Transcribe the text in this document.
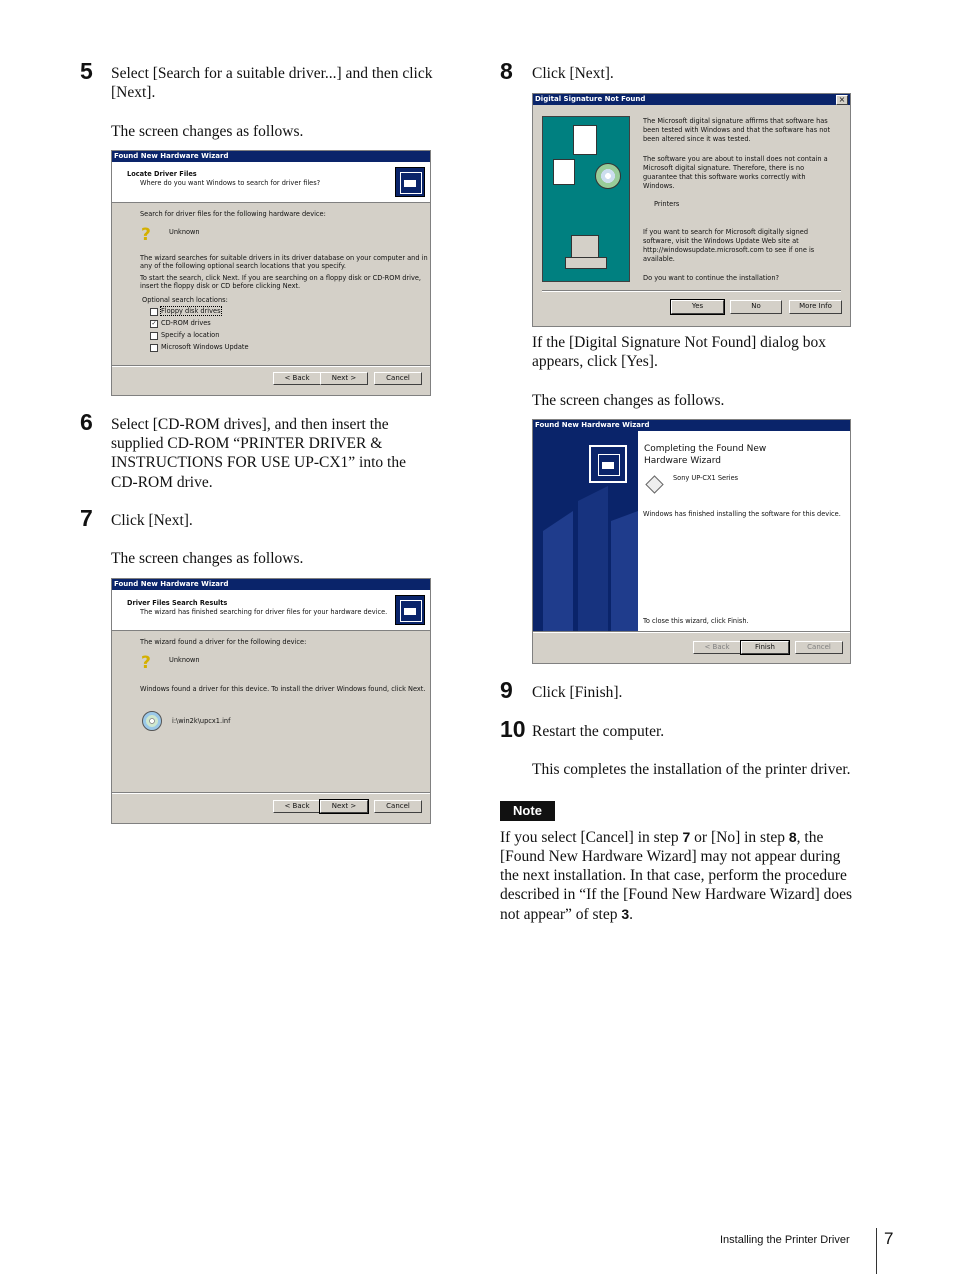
5 Select [Search for a suitable driver...] and then click
[Next].
The screen changes as follows.
Found New Hardware Wizard
Locate Driver Files
Where do you want Windows to search for driver files?
Search for driver files for the following hardware device:
?	Unknown
The wizard searches for suitable drivers in its driver database on your computer and in
any of the following optional search locations that you specify.
To start the search, click Next. If you are searching on a floppy disk or CD-ROM drive,
insert the floppy disk or CD before clicking Next.
Optional search locations:
Floppy disk drives
✓ CD-ROM drives
Specify a location
Microsoft Windows Update
< Back	Next >	Cancel
6 Select [CD-ROM drives], and then insert the
supplied CD-ROM “PRINTER DRIVER &
INSTRUCTIONS FOR USE UP-CX1” into the
CD-ROM drive.
7 Click [Next].
The screen changes as follows.
Found New Hardware Wizard
Driver Files Search Results
The wizard has finished searching for driver files for your hardware device.
The wizard found a driver for the following device:
?	Unknown
Windows found a driver for this device. To install the driver Windows found, click Next.
i:\win2k\upcx1.inf
< Back	Next >	Cancel
8 Click [Next].
Digital Signature Not Found	×
The Microsoft digital signature affirms that software has
been tested with Windows and that the software has not
been altered since it was tested.
The software you are about to install does not contain a
Microsoft digital signature. Therefore, there is no
guarantee that this software works correctly with
Windows.
Printers
If you want to search for Microsoft digitally signed
software, visit the Windows Update Web site at
http://windowsupdate.microsoft.com to see if one is
available.
Do you want to continue the installation?
Yes	No	More Info
If the [Digital Signature Not Found] dialog box
appears, click [Yes].
The screen changes as follows.
Found New Hardware Wizard
Completing the Found New
Hardware Wizard
Sony UP-CX1 Series
Windows has finished installing the software for this device.
To close this wizard, click Finish.
< Back	Finish	Cancel
9 Click [Finish].
10 Restart the computer.
This completes the installation of the printer driver.
Note
If you select [Cancel] in step 7 or [No] in step 8, the
[Found New Hardware Wizard] may not appear during
the next installation. In that case, perform the procedure
described in “If the [Found New Hardware Wizard] does
not appear” of step 3.
Installing the Printer Driver 7
